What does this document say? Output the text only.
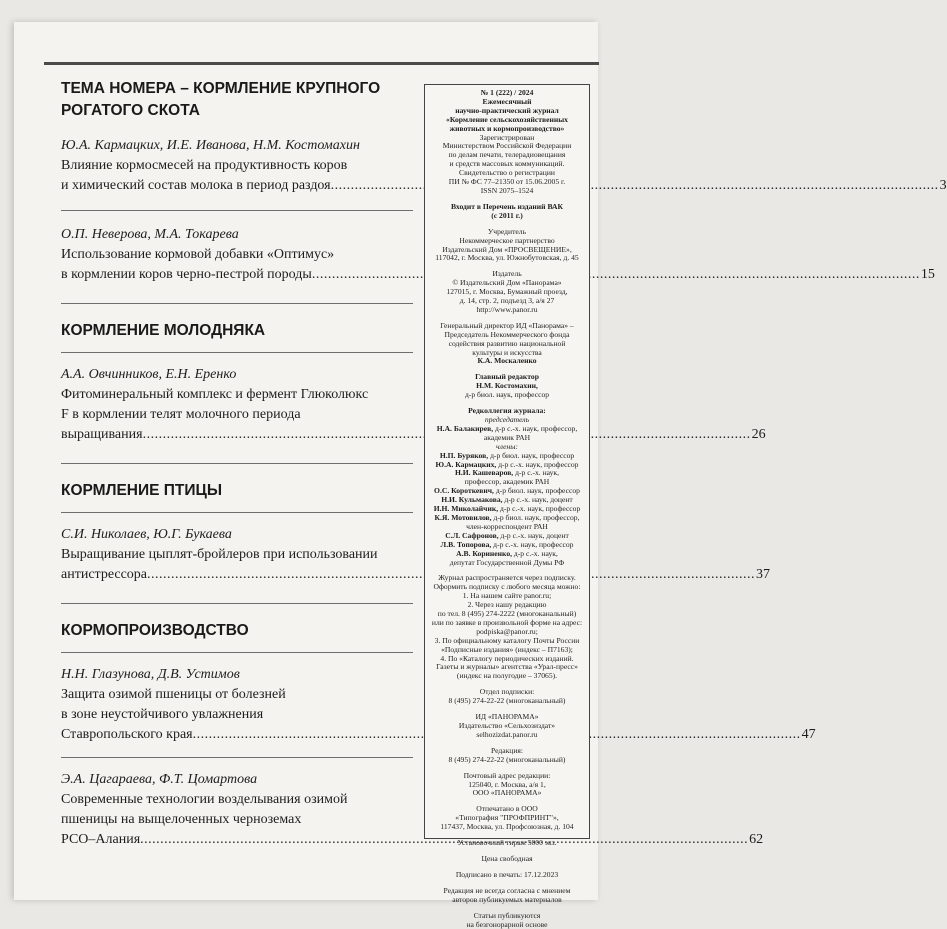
ТЕМА НОМЕРА – КОРМЛЕНИЕ КРУПНОГО
РОГАТОГО СКОТА
Ю.А. Кармацких, И.Е. Иванова, Н.М. Костомахин
Влияние кормосмесей на продуктивность коров
и химический состав молока в период раздоя .....	3
О.П. Неверова, М.А. Токарева
Использование кормовой добавки «Оптимус»
в кормлении коров черно-пестрой породы .....	15
КОРМЛЕНИЕ МОЛОДНЯКА
А.А. Овчинников, Е.Н. Еренко
Фитоминеральный комплекс и фермент Глюколюкс
F в кормлении телят молочного периода
выращивания .....	26
КОРМЛЕНИЕ ПТИЦЫ
С.И. Николаев, Ю.Г. Букаева
Выращивание цыплят-бройлеров при использовании
антистрессора .....	37
КОРМОПРОИЗВОДСТВО
Н.Н. Глазунова, Д.В. Устимов
Защита озимой пшеницы от болезней
в зоне неустойчивого увлажнения
Ставропольского края .....	47
Э.А. Цагараева, Ф.Т. Цомартова
Современные технологии возделывания озимой
пшеницы на выщелоченных черноземах
РСО–Алания .....	62
№ 1 (222) / 2024
Ежемесячный
научно-практический журнал
«Кормление сельскохозяйственных
животных и кормопроизводство»
Зарегистрирован
Министерством Российской Федерации
по делам печати, телерадиовещания
и средств массовых коммуникаций.
Свидетельство о регистрации
ПИ № ФС 77–21350 от 15.06.2005 г.
ISSN 2075–1524
Входит в Перечень изданий ВАК
(с 2011 г.)
Учредитель
Некоммерческое партнерство
Издательский Дом «ПРОСВЕЩЕНИЕ»,
117042, г. Москва, ул. Южнобутовская, д. 45
Издатель
© Издательский Дом «Панорама»
127015, г. Москва, Бумажный проезд,
д. 14, стр. 2, подъезд 3, а/я 27
http://www.panor.ru
Генеральный директор ИД «Панорама» –
Председатель Некоммерческого фонда
содействия развитию национальной
культуры и искусства
К.А. Москаленко
Главный редактор
Н.М. Костомахин,
д-р биол. наук, профессор
Редколлегия журнала:
председатель
Н.А. Балакирев, д-р с.-х. наук, профессор,
академик РАН
члены:
Н.П. Буряков, д-р биол. наук, профессор
Ю.А. Кармацких, д-р с.-х. наук, профессор
Н.И. Кашеваров, д-р с.-х. наук,
профессор, академик РАН
О.С. Короткевич, д-р биол. наук, профессор
Н.И. Кульмакова, д-р с.-х. наук, доцент
И.Н. Миколайчик, д-р с.-х. наук, профессор
К.Я. Мотовилов, д-р биол. наук, профессор,
член-корреспондент РАН
С.Л. Сафронов, д-р с.-х. наук, доцент
Л.В. Топорова, д-р с.-х. наук, профессор
А.В. Кориненко, д-р с.-х. наук,
депутат Государственной Думы РФ
Журнал распространяется через подписку.
Оформить подписку с любого месяца можно:
1. На нашем сайте panor.ru;
2. Через нашу редакцию
по тел. 8 (495) 274-2222 (многоканальный)
или по заявке в произвольной форме на адрес:
podpiska@panor.ru;
3. По официальному каталогу Почты России
«Подписные издания» (индекс – П7163);
4. По «Каталогу периодических изданий.
Газеты и журналы» агентства «Урал-пресс»
(индекс на полугодие – 37065).
Отдел подписки:
8 (495) 274-22-22 (многоканальный)
ИД «ПАНОРАМА»
Издательство «Сельхозиздат»
selhozizdat.panor.ru
Редакция:
8 (495) 274-22-22 (многоканальный)
Почтовый адрес редакции:
125040, г. Москва, а/я 1,
ООО «ПАНОРАМА»
Отпечатано в ООО
«Типография "ПРОФПРИНТ"»,
117437, Москва, ул. Профсоюзная, д. 104
Установочный тираж 5000 экз.
Цена свободная
Подписано в печать: 17.12.2023
Редакция не всегда согласна с мнением
авторов публикуемых материалов
Статьи публикуются
на безгонорарной основе
